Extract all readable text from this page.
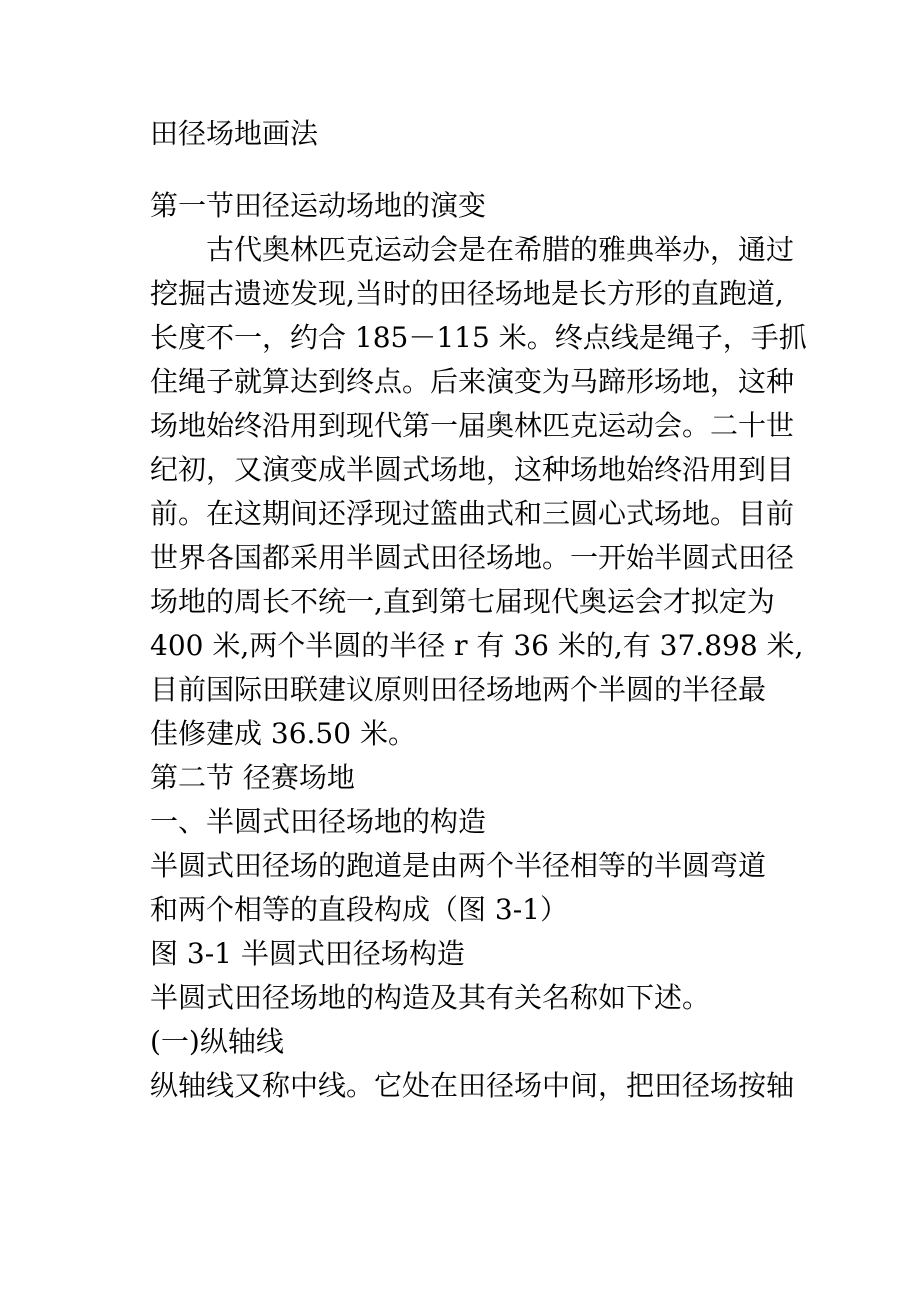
田径场地画法

第一节田径运动场地的演变

古代奥林匹克运动会是在希腊的雅典举办，通过

挖掘古遗迹发现,当时的田径场地是长方形的直跑道,

长度不一，约合 185－115 米。终点线是绳子，手抓

住绳子就算达到终点。后来演变为马蹄形场地，这种

场地始终沿用到现代第一届奥林匹克运动会。二十世

纪初，又演变成半圆式场地，这种场地始终沿用到目

前。在这期间还浮现过篮曲式和三圆心式场地。目前

世界各国都采用半圆式田径场地。一开始半圆式田径

场地的周长不统一,直到第七届现代奥运会才拟定为

400 米,两个半圆的半径 r 有 36 米的,有 37.898 米,

目前国际田联建议原则田径场地两个半圆的半径最

佳修建成 36.50 米。

第二节 径赛场地

一、半圆式田径场地的构造

半圆式田径场的跑道是由两个半径相等的半圆弯道

和两个相等的直段构成（图 3-1）

图 3-1 半圆式田径场构造

半圆式田径场地的构造及其有关名称如下述。

(一)纵轴线

纵轴线又称中线。它处在田径场中间，把田径场按轴
